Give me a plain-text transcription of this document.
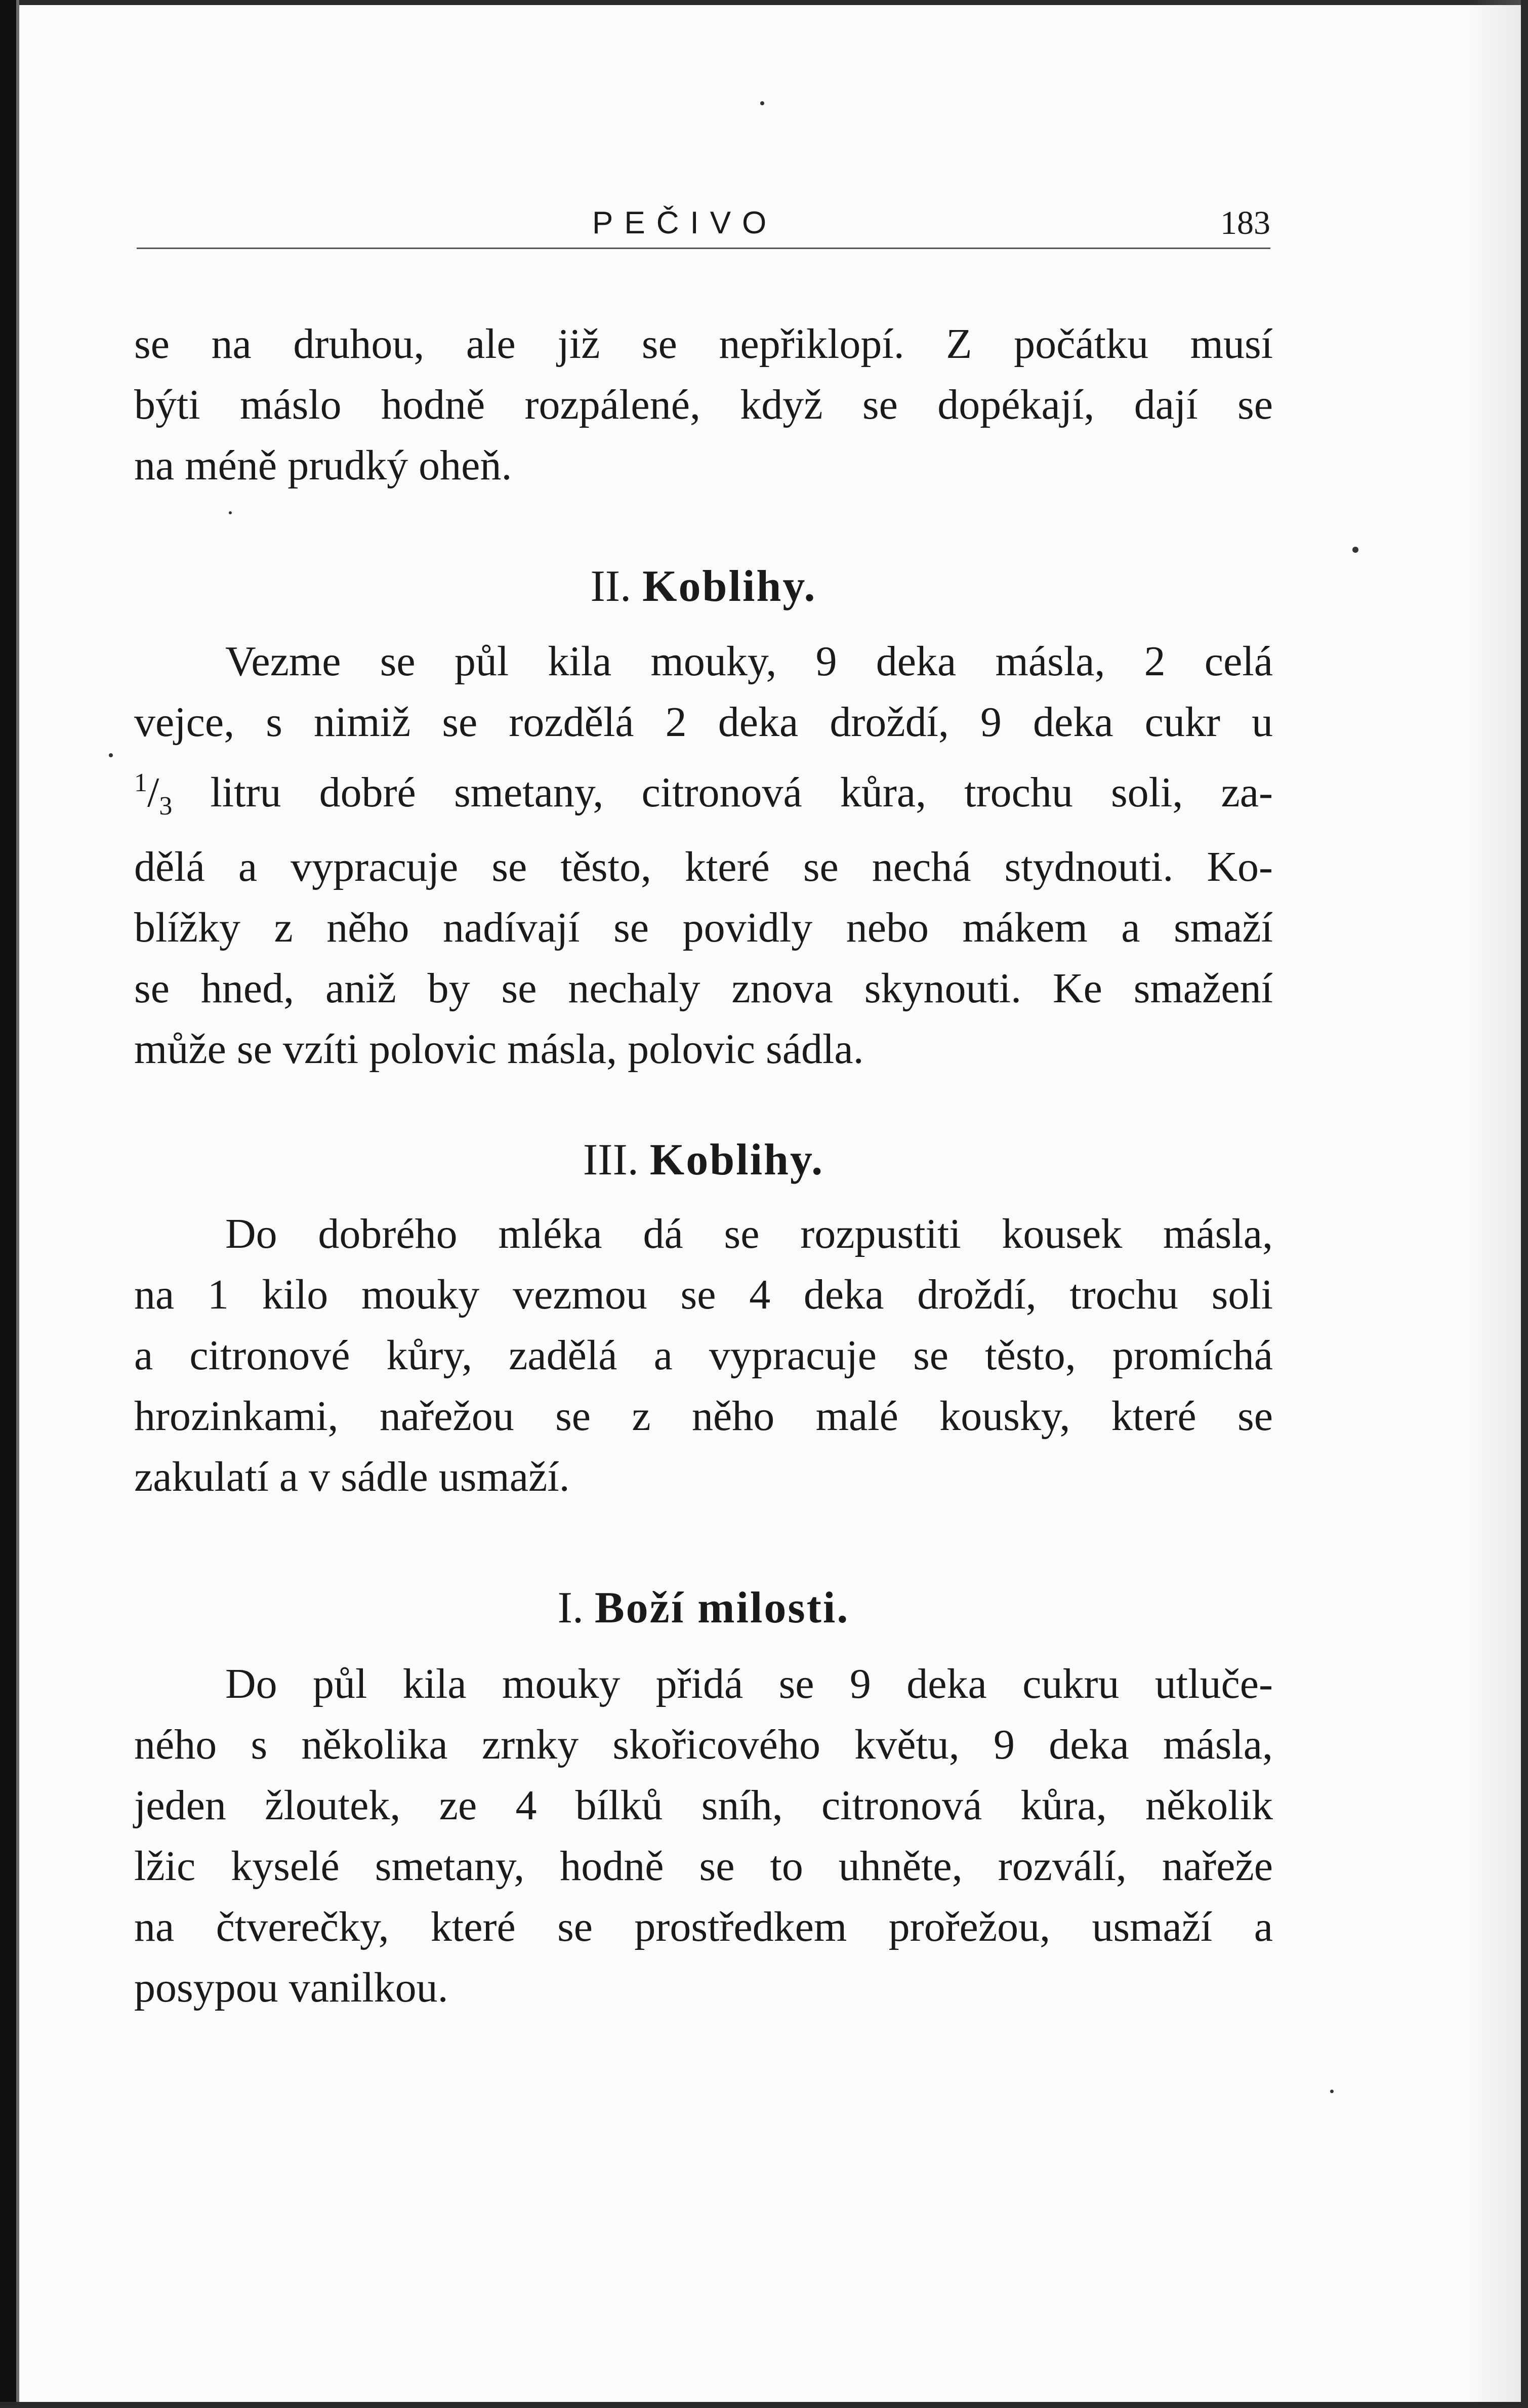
PEČIVO	183

se na druhou, ale již se nepřiklopí. Z počátku musí
býti máslo hodně rozpálené, když se dopékají, dají se
na méně prudký oheň.

II. Koblihy.

Vezme se půl kila mouky, 9 deka másla, 2 celá
vejce, s nimiž se rozdělá 2 deka droždí, 9 deka cukr u
$^1/_3$ litru dobré smetany, citronová kůra, trochu soli, za-
dělá a vypracuje se těsto, které se nechá stydnouti. Ko-
blížky z něho nadívají se povidly nebo mákem a smaží
se hned, aniž by se nechaly znova skynouti. Ke smažení
může se vzíti polovic másla, polovic sádla.

III. Koblihy.

Do dobrého mléka dá se rozpustiti kousek másla,
na 1 kilo mouky vezmou se 4 deka droždí, trochu soli
a citronové kůry, zadělá a vypracuje se těsto, promíchá
hrozinkami, nařežou se z něho malé kousky, které se
zakulatí a v sádle usmaží.

I. Boží milosti.

Do půl kila mouky přidá se 9 deka cukru utluče-
ného s několika zrnky skořicového květu, 9 deka másla,
jeden žloutek, ze 4 bílků sníh, citronová kůra, několik
lžic kyselé smetany, hodně se to uhněte, rozválí, nařeže
na čtverečky, které se prostředkem prořežou, usmaží a
posypou vanilkou.
